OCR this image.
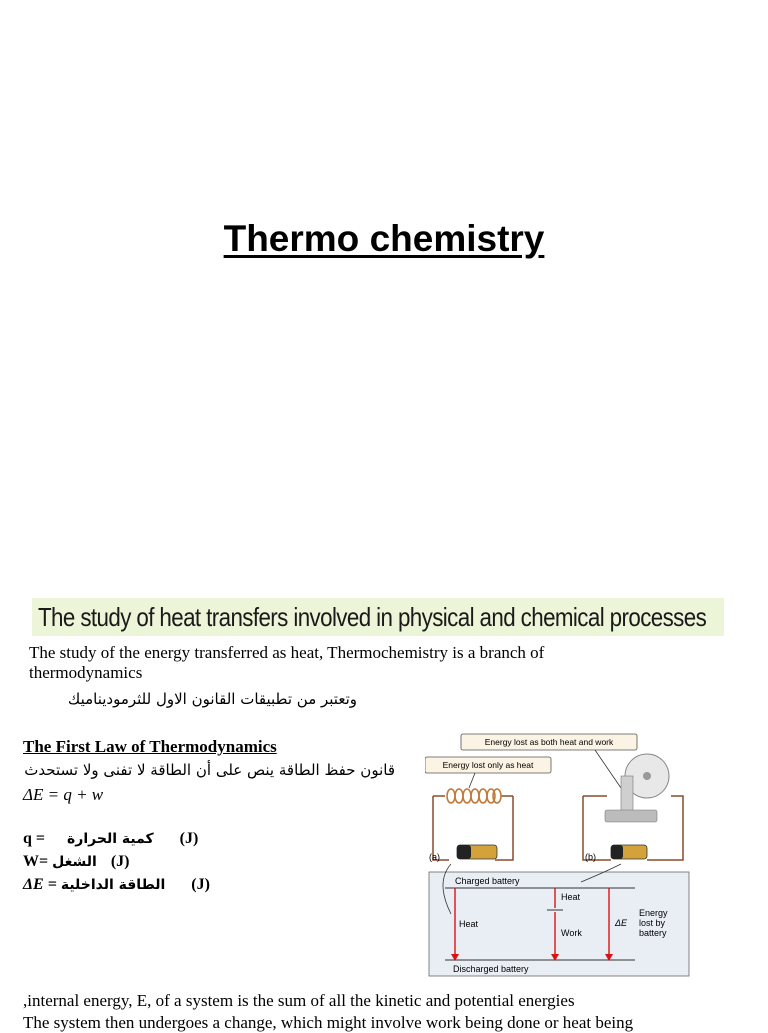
Thermo chemistry
The study of heat transfers involved in physical and chemical processes
The study of the energy transferred as heat, Thermochemistry is a branch of thermodynamics
وتعتبر من تطبيقات القانون الاول للثرموديناميك
The First Law of Thermodynamics
قانون حفظ الطاقة ينص على أن الطاقة لا تفنى ولا تستحدث
ΔE = q + w
q = كمية الحرارة (J)
W= الشغل (J)
ΔE = الطاقة الداخلية (J)
,internal energy, E, of a system is the sum of all the kinetic and potential energies
The system then undergoes a change, which might involve work being done or heat being
Energy lost as both heat and work
Energy lost only as heat
(a)	(b)
Charged battery
Discharged battery
Heat
Heat
Work
ΔE
Energy
lost by
battery
